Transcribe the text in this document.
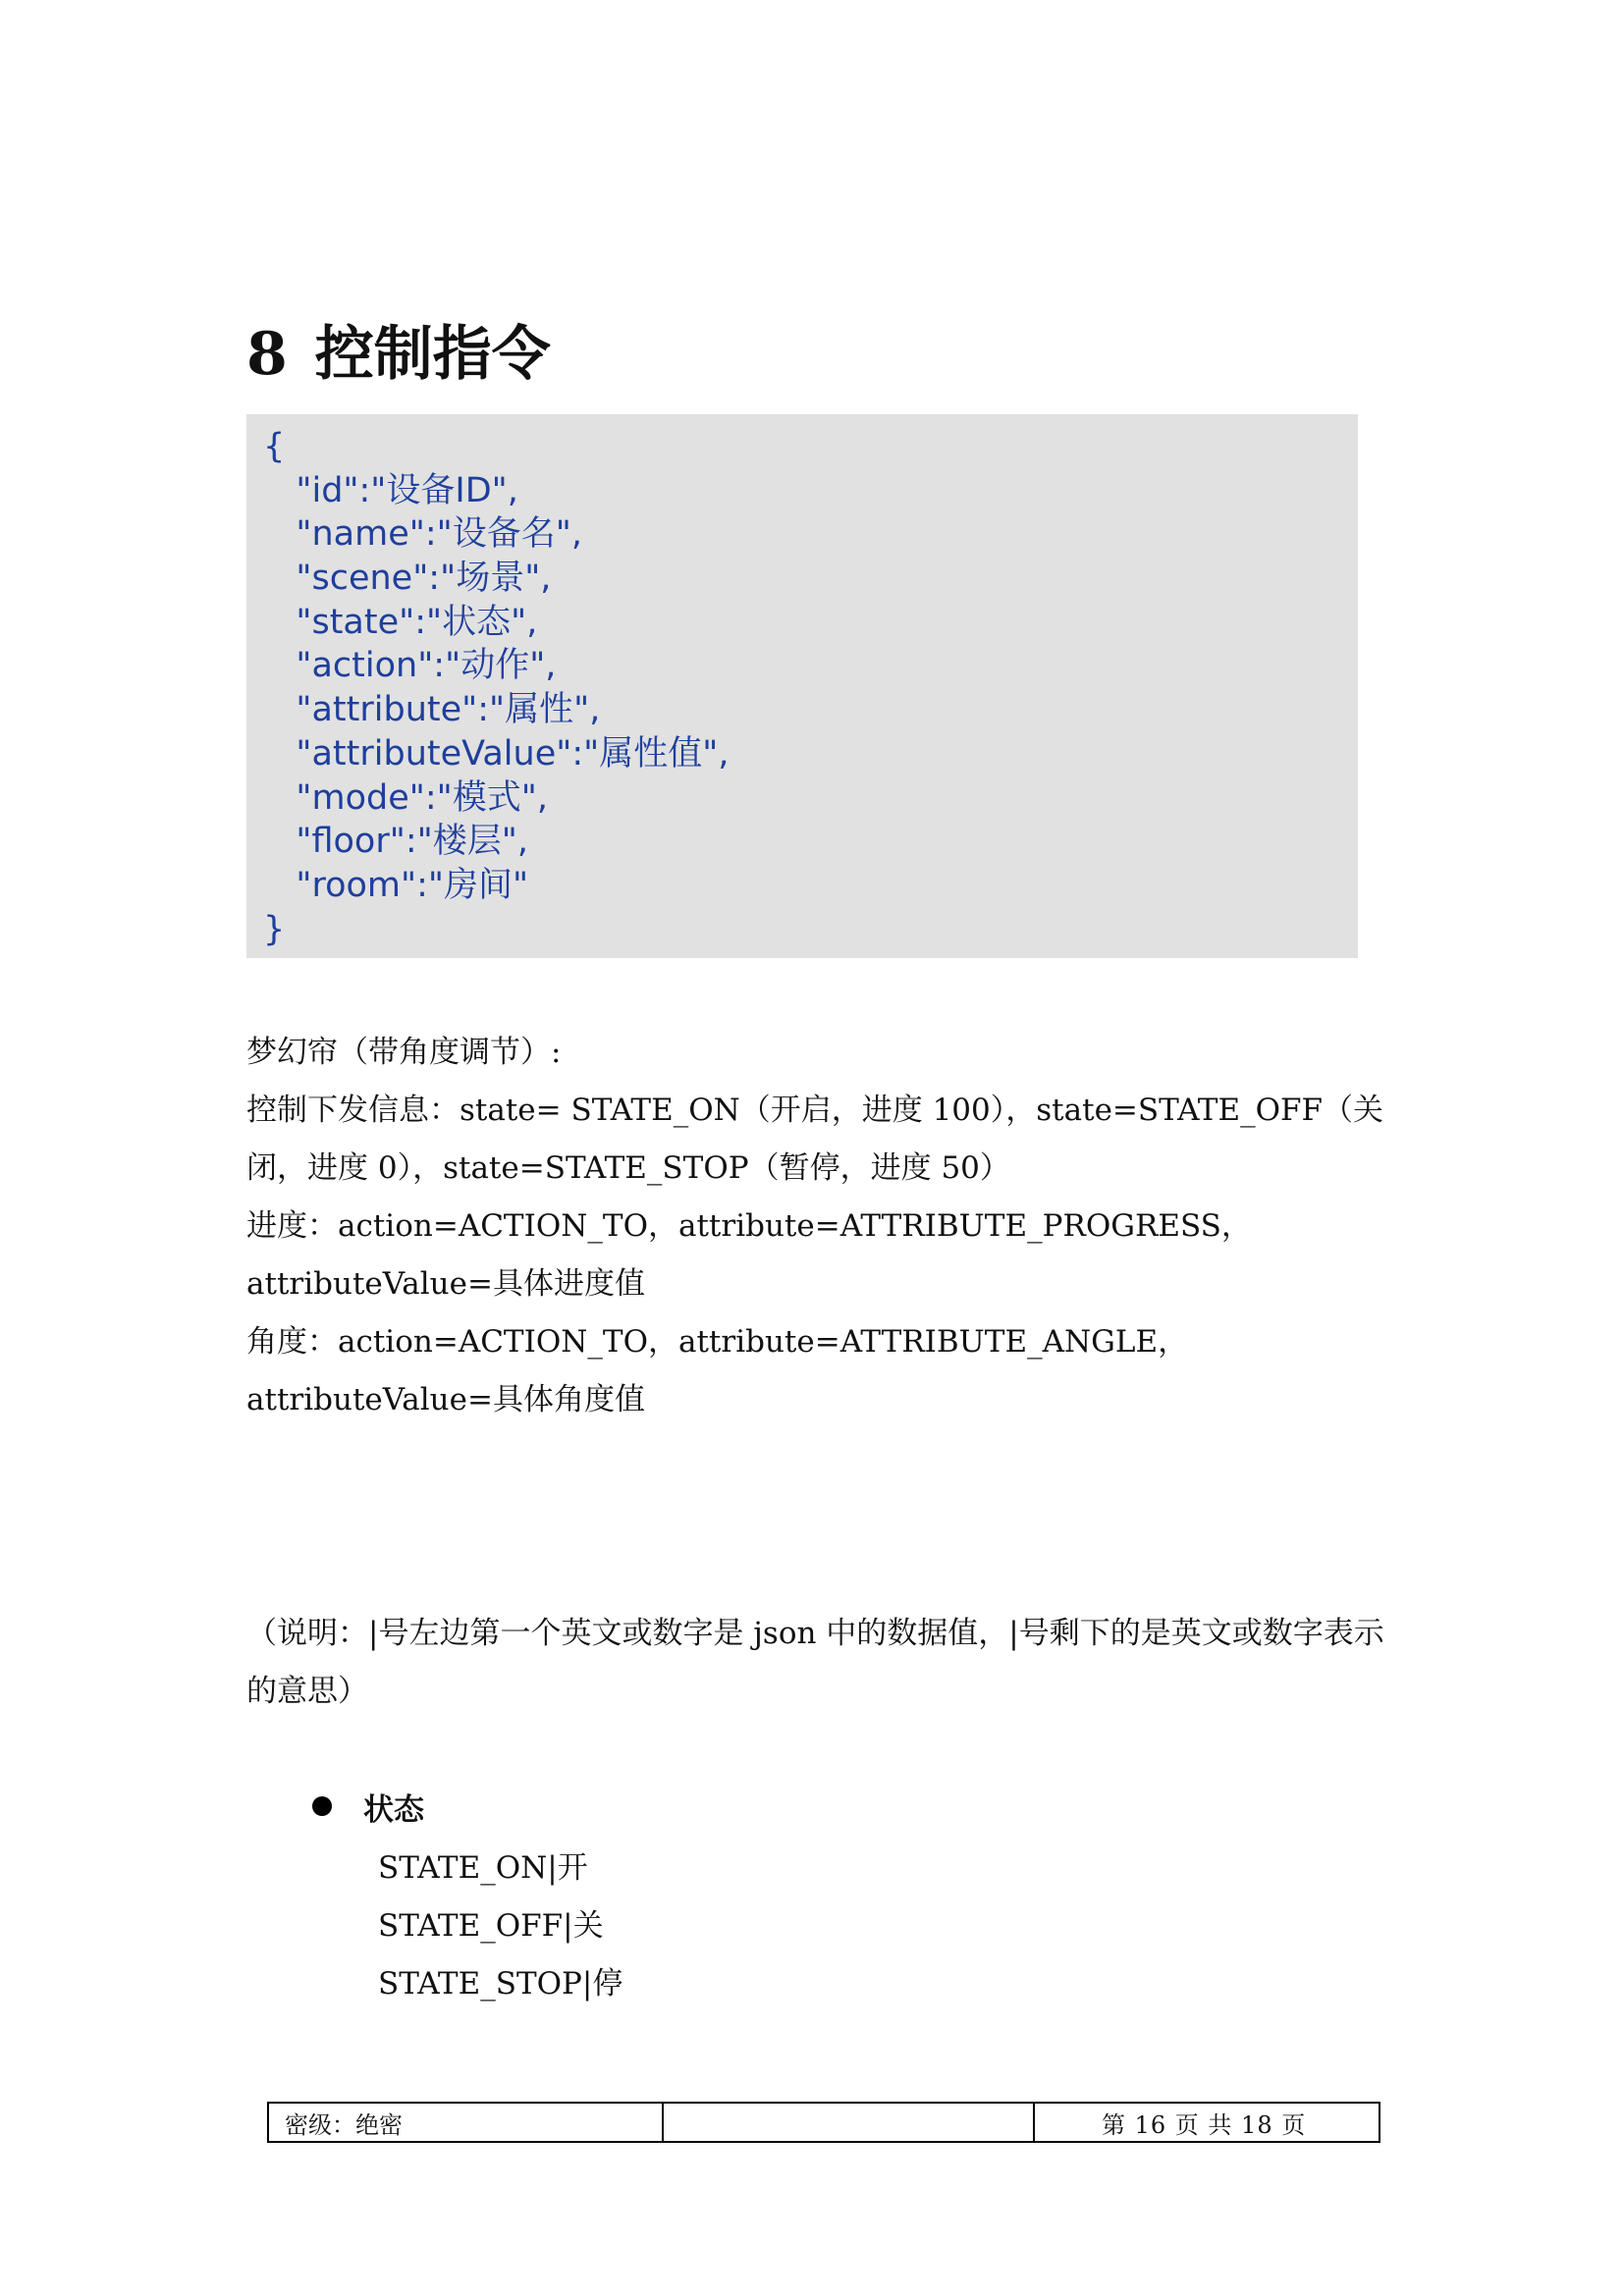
8 控制指令
{
"id":"设备ID",
"name":"设备名",
"scene":"场景",
"state":"状态",
"action":"动作",
"attribute":"属性",
"attributeValue":"属性值",
"mode":"模式",
"floor":"楼层",
"room":"房间"
}

梦幻帘（带角度调节）:

控制下发信息：state= STATE_ON（开启，进度 100），state=STATE_OFF（关闭，进度 0），state=STATE_STOP（暂停，进度 50）

进度：action=ACTION_TO，attribute=ATTRIBUTE_PROGRESS，attributeValue=具体进度值

角度：action=ACTION_TO，attribute=ATTRIBUTE_ANGLE，attributeValue=具体角度值

（说明：|号左边第一个英文或数字是 json 中的数据值，|号剩下的是英文或数字表示的意思）

状态
STATE_ON|开
STATE_OFF|关
STATE_STOP|停
密级：绝密	第 16 页 共 18 页
